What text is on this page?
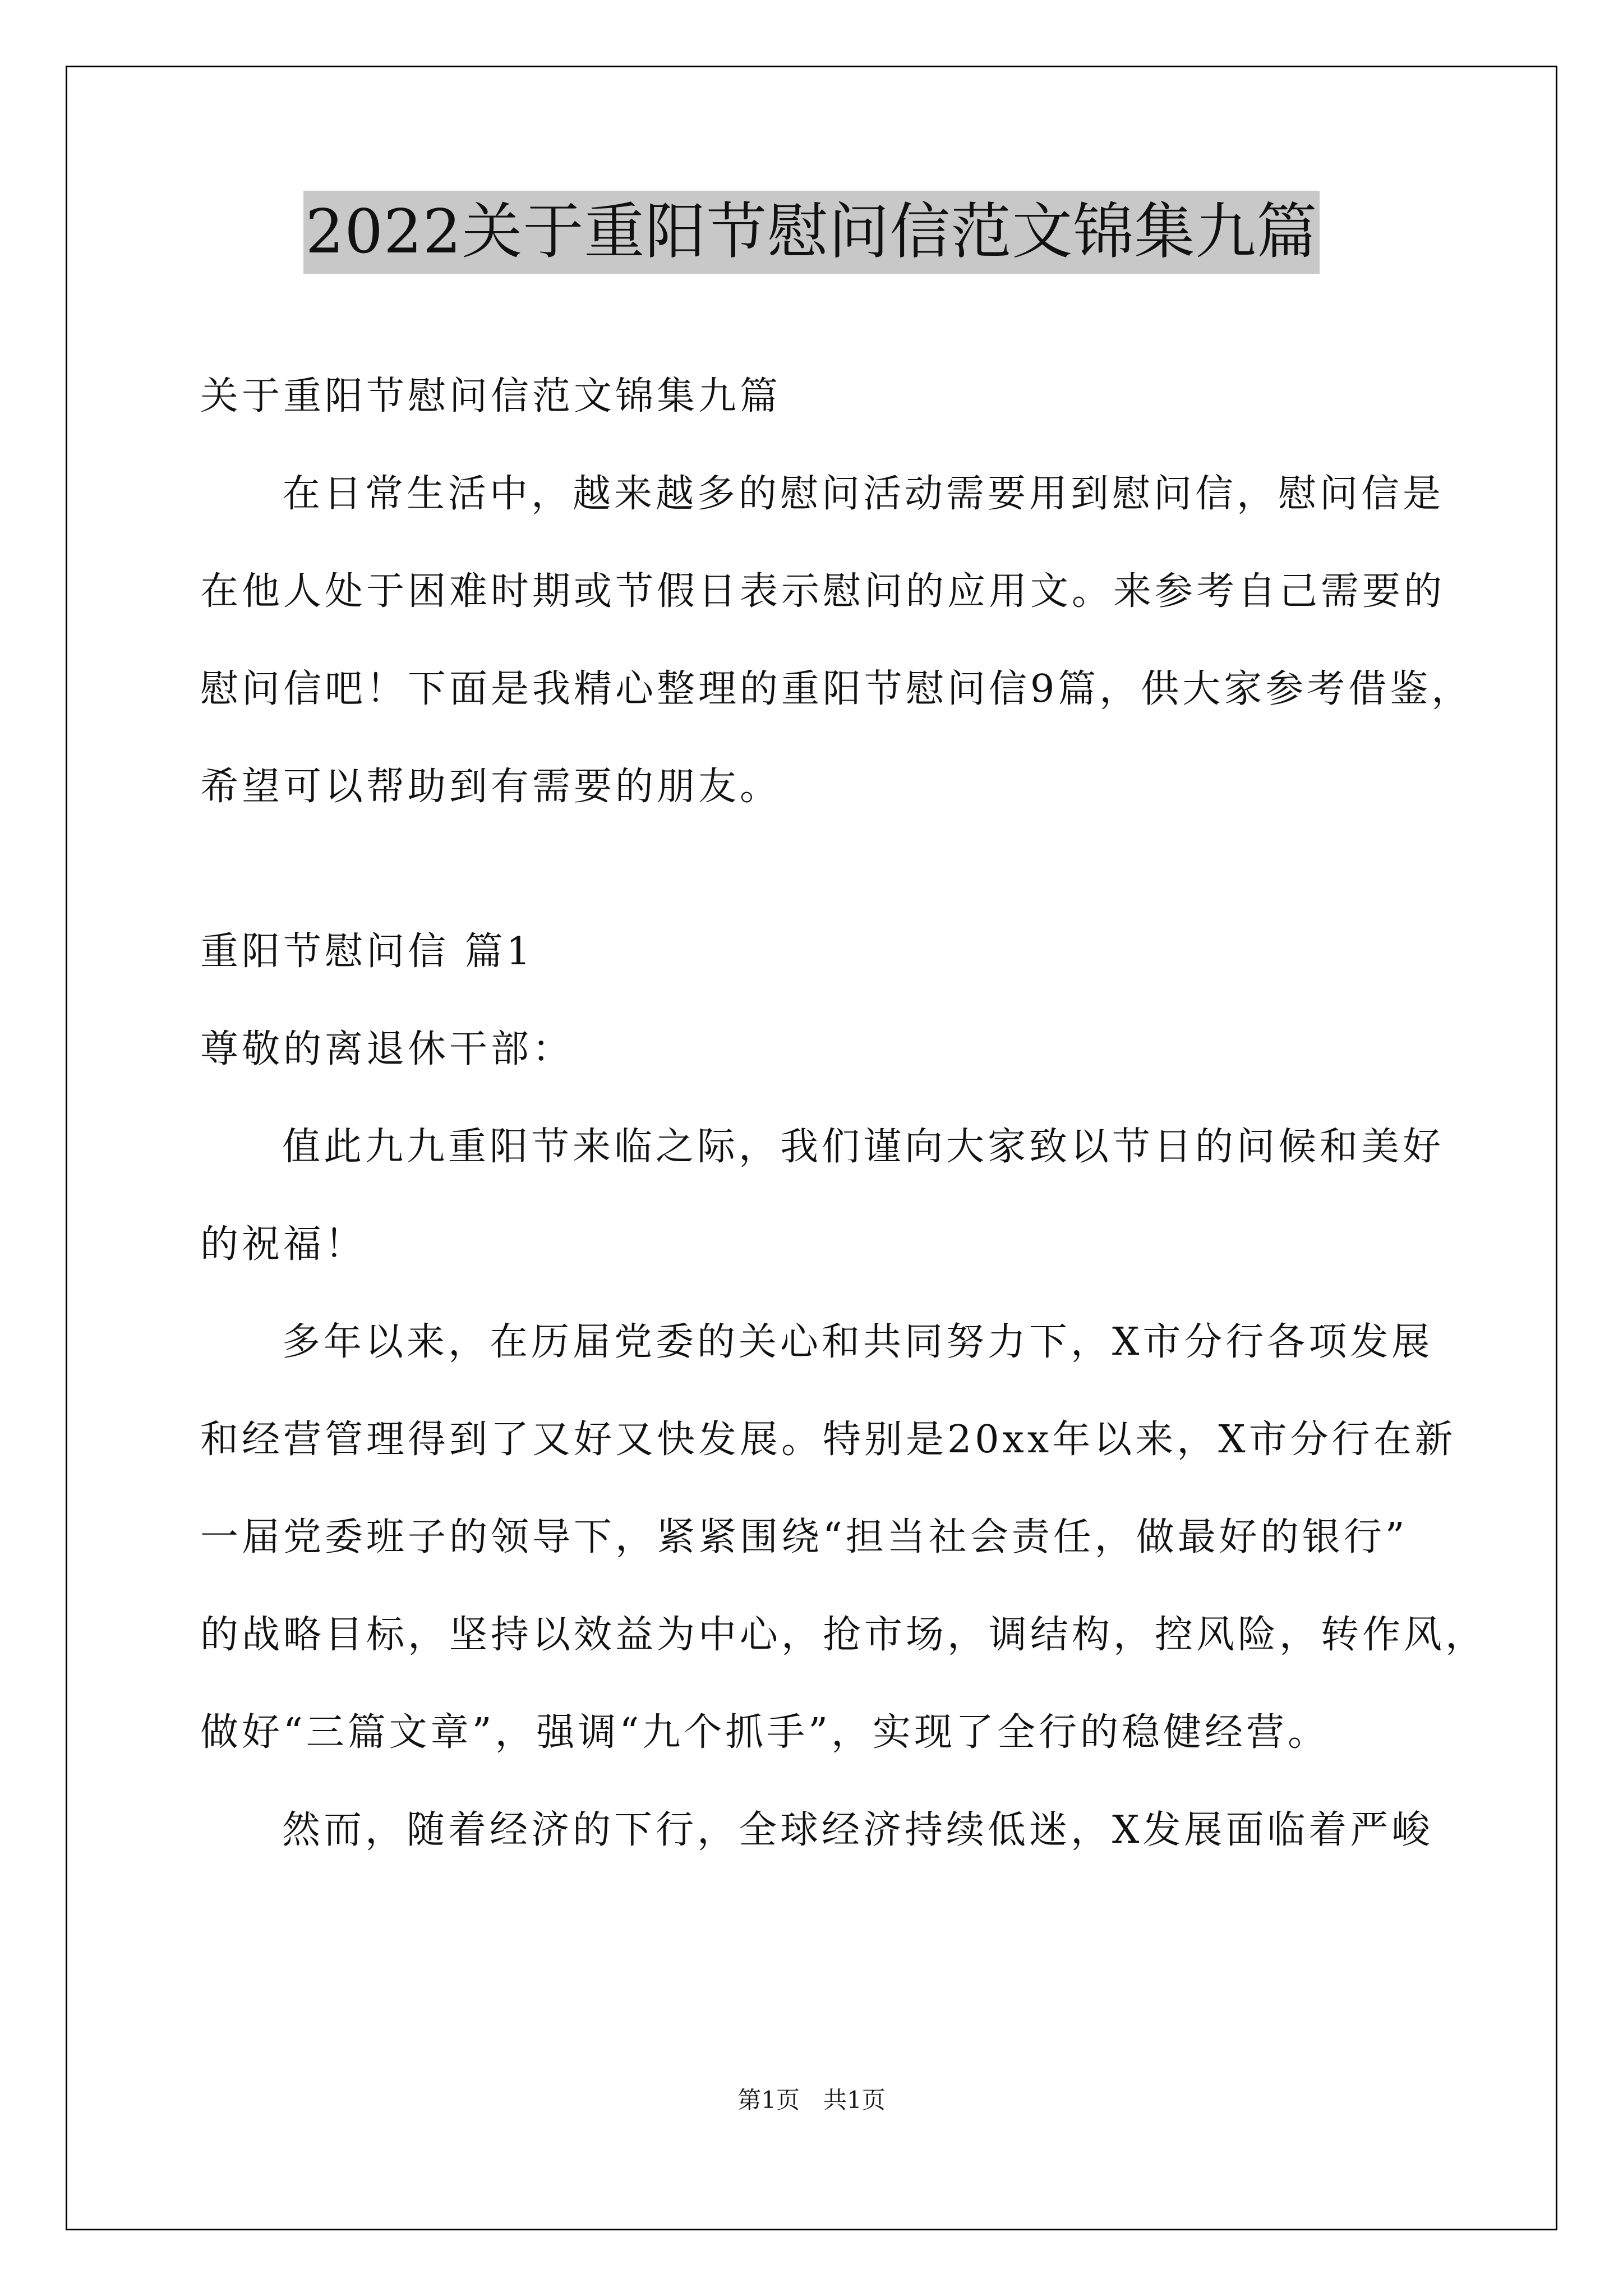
2022关于重阳节慰问信范文锦集九篇
关于重阳节慰问信范文锦集九篇
在日常生活中，越来越多的慰问活动需要用到慰问信，慰问信是
在他人处于困难时期或节假日表示慰问的应用文。来参考自己需要的
慰问信吧！下面是我精心整理的重阳节慰问信9篇，供大家参考借鉴，
希望可以帮助到有需要的朋友。
重阳节慰问信 篇1
尊敬的离退休干部：
值此九九重阳节来临之际，我们谨向大家致以节日的问候和美好
的祝福！
多年以来，在历届党委的关心和共同努力下，X市分行各项发展
和经营管理得到了又好又快发展。特别是20xx年以来，X市分行在新
一届党委班子的领导下，紧紧围绕“担当社会责任，做最好的银行”
的战略目标，坚持以效益为中心，抢市场，调结构，控风险，转作风，
做好“三篇文章”，强调“九个抓手”，实现了全行的稳健经营。
然而，随着经济的下行，全球经济持续低迷，X发展面临着严峻
第1页　共1页
